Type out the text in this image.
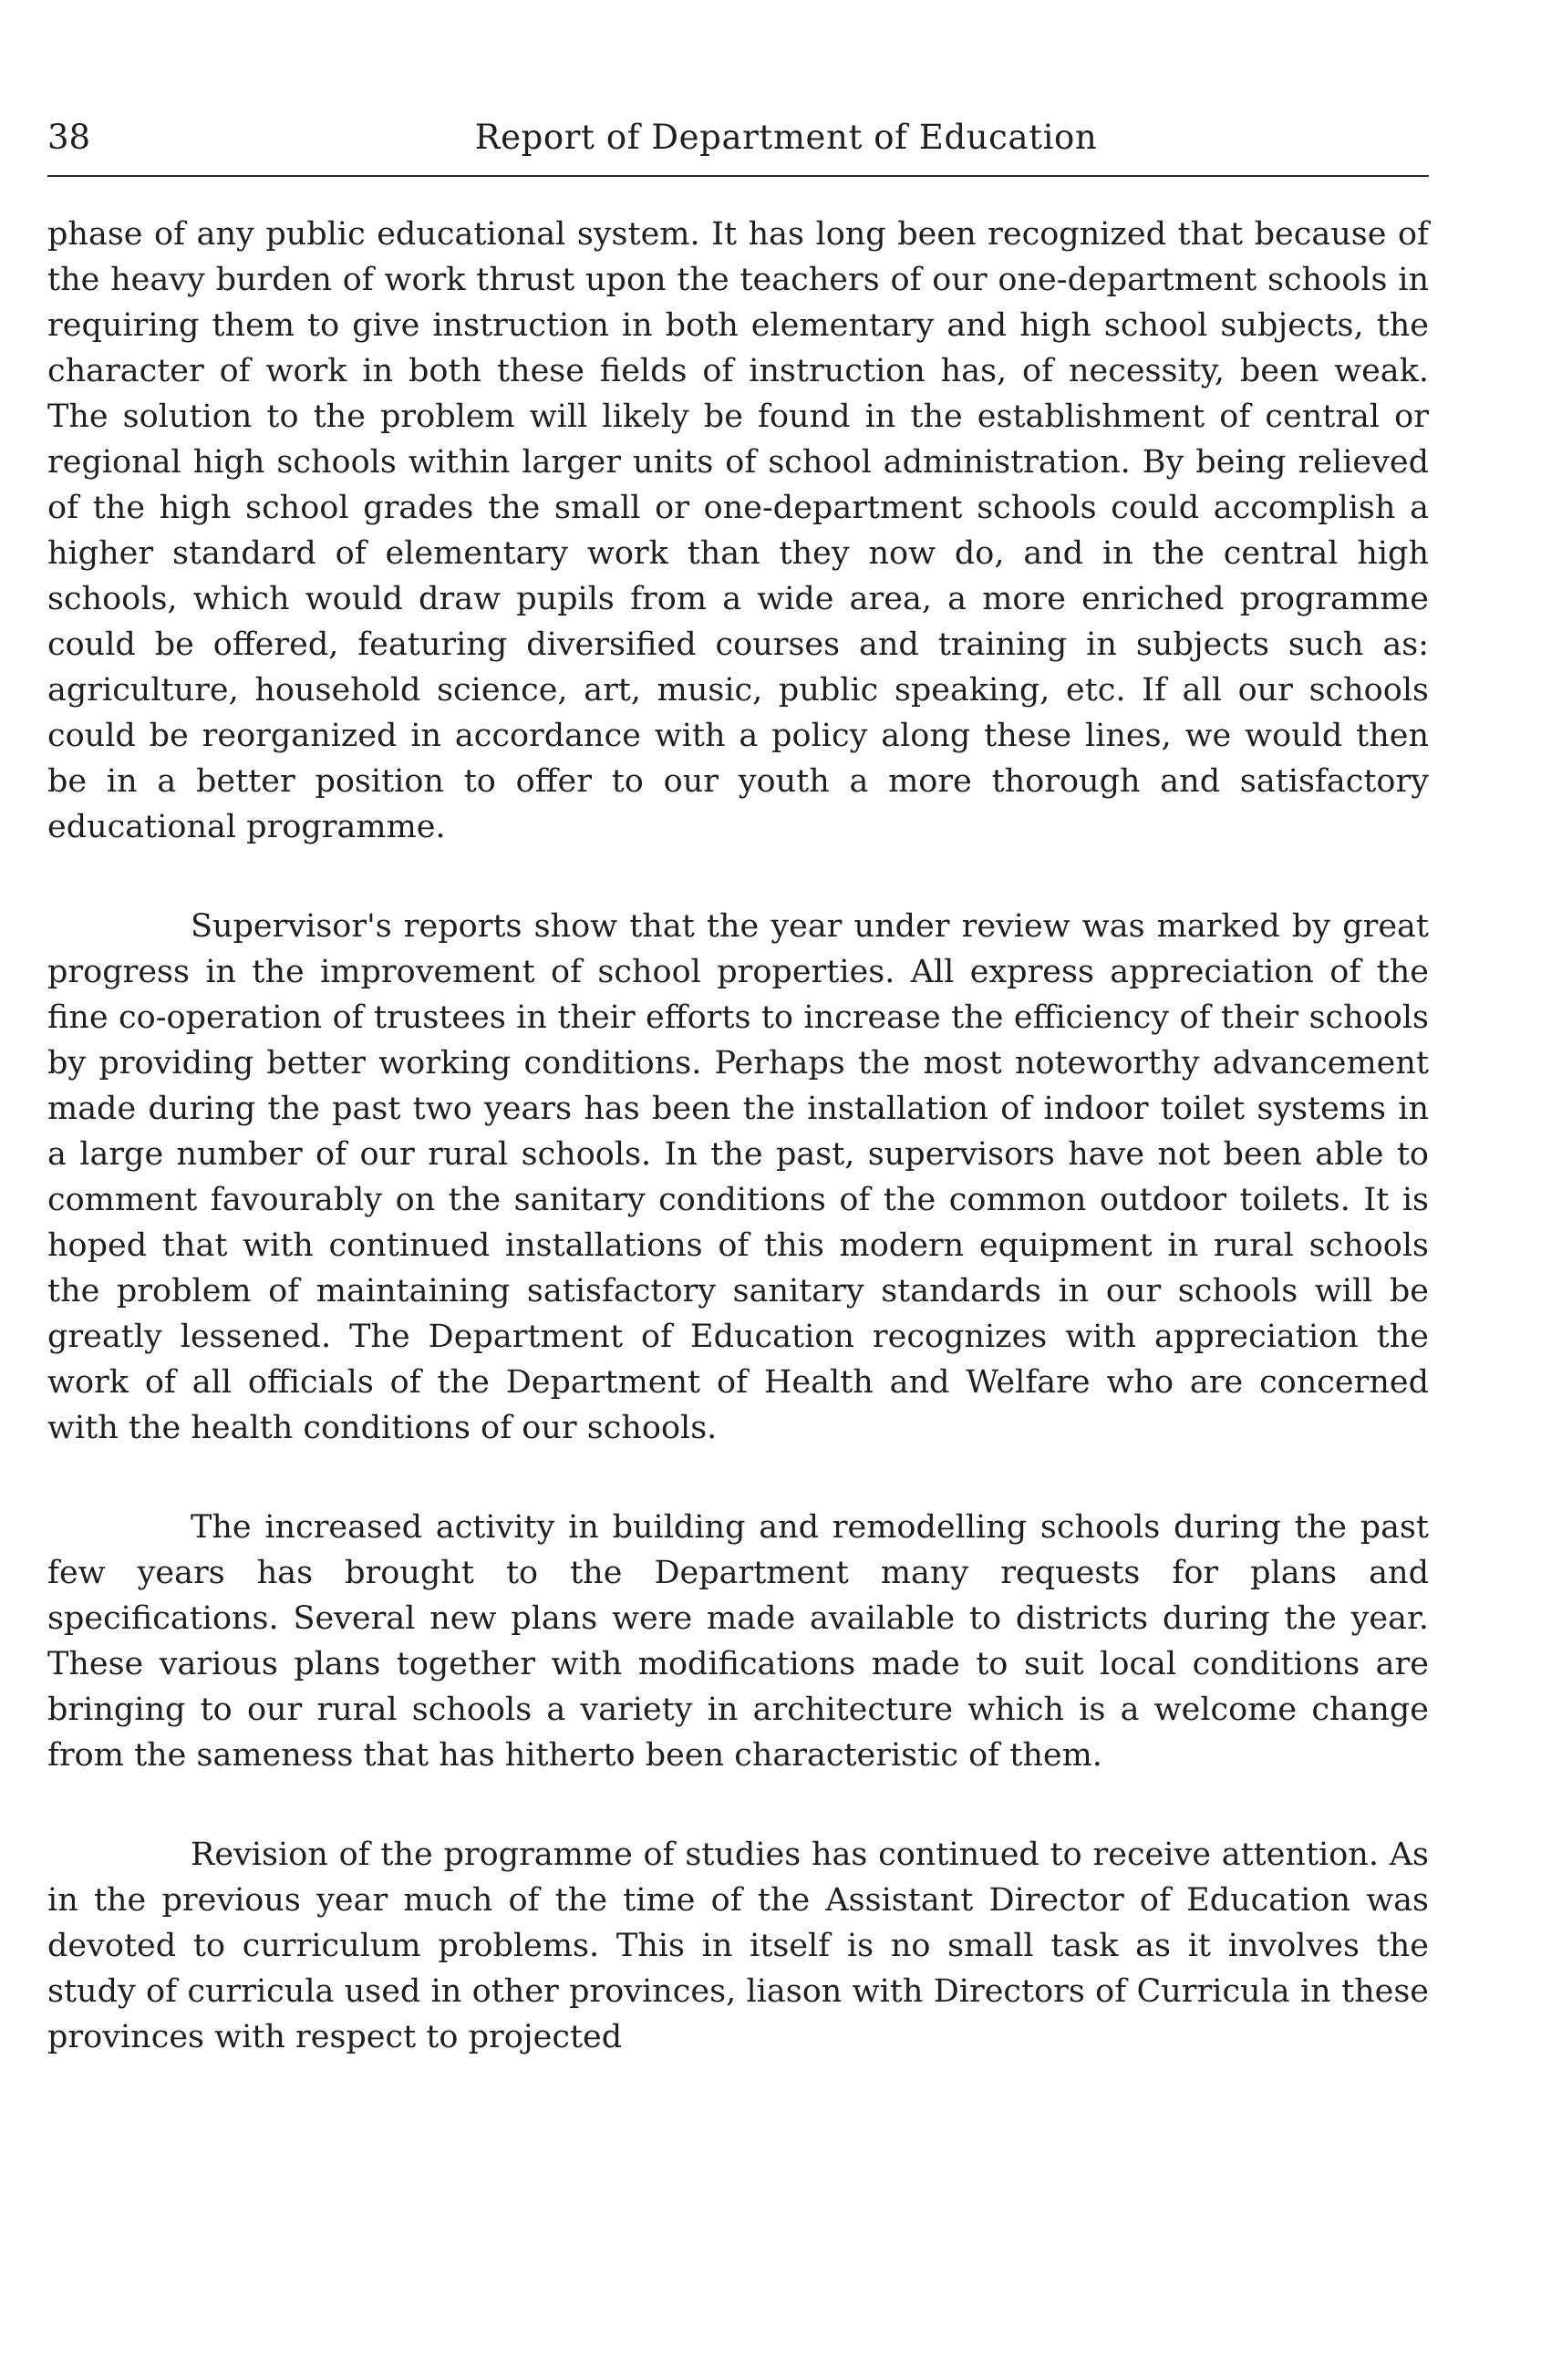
38	Report of Department of Education

phase of any public educational system. It has long been recognized that because of the heavy burden of work thrust upon the teachers of our one-department schools in requiring them to give instruction in both elementary and high school subjects, the character of work in both these fields of instruction has, of necessity, been weak. The solution to the problem will likely be found in the establishment of central or regional high schools within larger units of school administration. By being relieved of the high school grades the small or one-department schools could accomplish a higher standard of elementary work than they now do, and in the central high schools, which would draw pupils from a wide area, a more enriched programme could be offered, featuring diversified courses and training in subjects such as: agriculture, household science, art, music, public speaking, etc. If all our schools could be reorganized in accordance with a policy along these lines, we would then be in a better position to offer to our youth a more thorough and satisfactory educational programme.

Supervisor's reports show that the year under review was marked by great progress in the improvement of school properties. All express appreciation of the fine co-operation of trustees in their efforts to increase the efficiency of their schools by providing better working conditions. Perhaps the most noteworthy advancement made during the past two years has been the installation of indoor toilet systems in a large number of our rural schools. In the past, supervisors have not been able to comment favourably on the sanitary conditions of the common outdoor toilets. It is hoped that with continued installations of this modern equipment in rural schools the problem of maintaining satisfactory sanitary standards in our schools will be greatly lessened. The Department of Education recognizes with appreciation the work of all officials of the Department of Health and Welfare who are concerned with the health conditions of our schools.

The increased activity in building and remodelling schools during the past few years has brought to the Department many requests for plans and specifications. Several new plans were made available to districts during the year. These various plans together with modifications made to suit local conditions are bringing to our rural schools a variety in architecture which is a welcome change from the sameness that has hitherto been characteristic of them.

Revision of the programme of studies has continued to receive attention. As in the previous year much of the time of the Assistant Director of Education was devoted to curriculum problems. This in itself is no small task as it involves the study of curricula used in other provinces, liason with Directors of Curricula in these provinces with respect to projected
